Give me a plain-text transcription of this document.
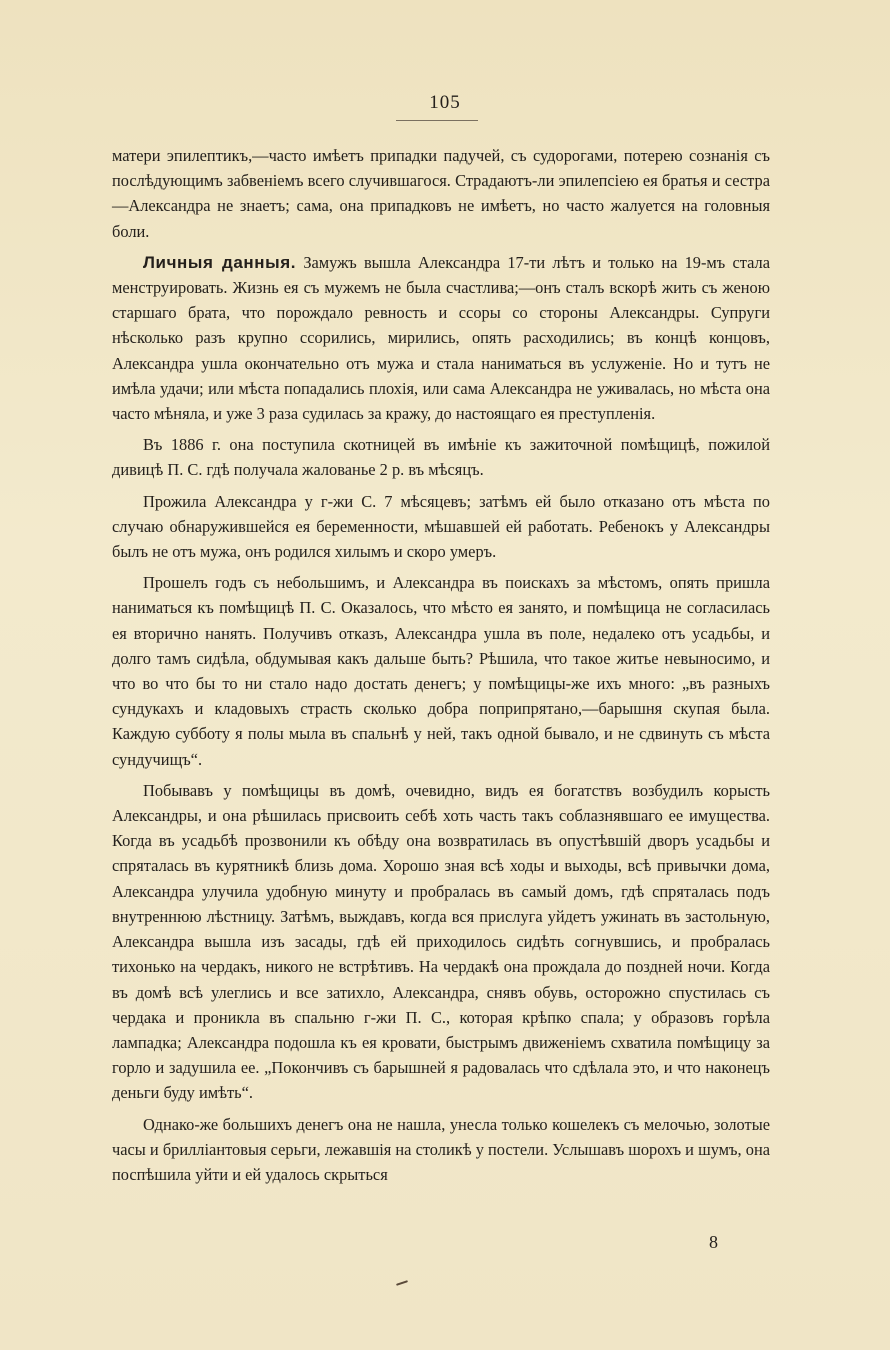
105

матери эпилептикъ,—часто имѣетъ припадки падучей, съ судорогами, потерею сознанія съ послѣдующимъ забвеніемъ всего случившагося. Страдаютъ-ли эпилепсіею ея братья и сестра—Александра не знаетъ; сама, она припадковъ не имѣетъ, но часто жалуется на головныя боли.

Личныя данныя. Замужъ вышла Александра 17-ти лѣтъ и только на 19-мъ стала менструировать. Жизнь ея съ мужемъ не была счастлива;—онъ сталъ вскорѣ жить съ женою старшаго брата, что порождало ревность и ссоры со стороны Александры. Супруги нѣсколько разъ крупно ссорились, мирились, опять расходились; въ концѣ концовъ, Александра ушла окончательно отъ мужа и стала наниматься въ услуженіе. Но и тутъ не имѣла удачи; или мѣста попадались плохія, или сама Александра не уживалась, но мѣста она часто мѣняла, и уже 3 раза судилась за кражу, до настоящаго ея преступленія.

Въ 1886 г. она поступила скотницей въ имѣніе къ зажиточной помѣщицѣ, пожилой дивицѣ П. С. гдѣ получала жалованье 2 р. въ мѣсяцъ.

Прожила Александра у г-жи С. 7 мѣсяцевъ; затѣмъ ей было отказано отъ мѣста по случаю обнаружившейся ея беременности, мѣшавшей ей работать. Ребенокъ у Александры былъ не отъ мужа, онъ родился хилымъ и скоро умеръ.

Прошелъ годъ съ небольшимъ, и Александра въ поискахъ за мѣстомъ, опять пришла наниматься къ помѣщицѣ П. С. Оказалось, что мѣсто ея занято, и помѣщица не согласилась ея вторично нанять. Получивъ отказъ, Александра ушла въ поле, недалеко отъ усадьбы, и долго тамъ сидѣла, обдумывая какъ дальше быть? Рѣшила, что такое житье невыносимо, и что во что бы то ни стало надо достать денегъ; у помѣщицы-же ихъ много: „въ разныхъ сундукахъ и кладовыхъ страсть сколько добра поприпрятано,—барышня скупая была. Каждую субботу я полы мыла въ спальнѣ у ней, такъ одной бывало, и не сдвинуть съ мѣста сундучищъ“.

Побывавъ у помѣщицы въ домѣ, очевидно, видъ ея богатствъ возбудилъ корысть Александры, и она рѣшилась присвоить себѣ хоть часть такъ соблазнявшаго ее имущества. Когда въ усадьбѣ прозвонили къ обѣду она возвратилась въ опустѣвшій дворъ усадьбы и спряталась въ курятникѣ близь дома. Хорошо зная всѣ ходы и выходы, всѣ привычки дома, Александра улучила удобную минуту и пробралась въ самый домъ, гдѣ спряталась подъ внутреннюю лѣстницу. Затѣмъ, выждавъ, когда вся прислуга уйдетъ ужинать въ застольную, Александра вышла изъ засады, гдѣ ей приходилось сидѣть согнувшись, и пробралась тихонько на чердакъ, никого не встрѣтивъ. На чердакѣ она прождала до поздней ночи. Когда въ домѣ всѣ улеглись и все затихло, Александра, снявъ обувь, осторожно спустилась съ чердака и проникла въ спальню г-жи П. С., которая крѣпко спала; у образовъ горѣла лампадка; Александра подошла къ ея кровати, быстрымъ движеніемъ схватила помѣщицу за горло и задушила ее. „Покончивъ съ барышней я радовалась что сдѣлала это, и что наконецъ деньги буду имѣть“.

Однако-же большихъ денегъ она не нашла, унесла только кошелекъ съ мелочью, золотые часы и брилліантовыя серьги, лежавшія на столикѣ у постели. Услышавъ шорохъ и шумъ, она поспѣшила уйти и ей удалось скрыться

8
